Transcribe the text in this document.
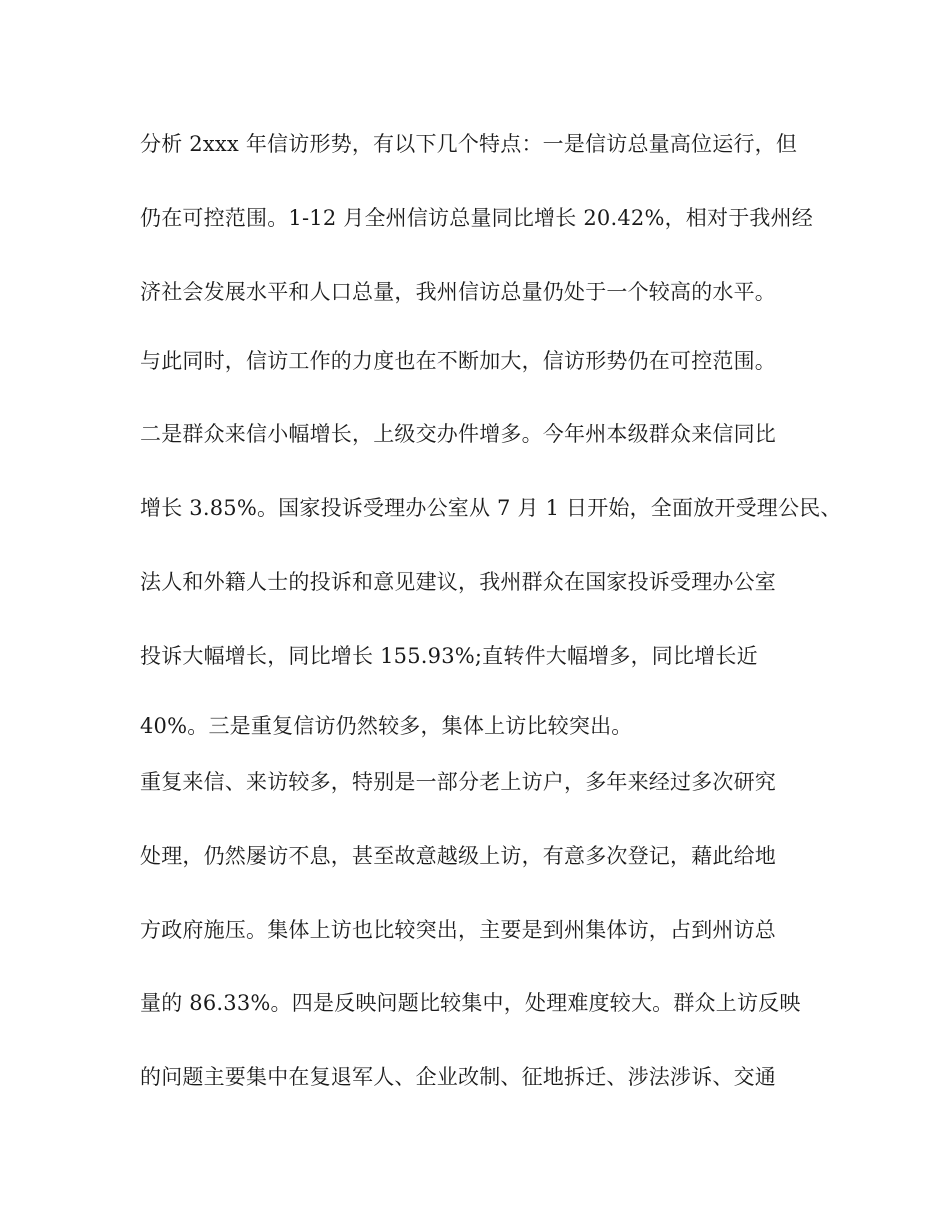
分析 2xxx 年信访形势，有以下几个特点：一是信访总量高位运行，但
仍在可控范围。1-12 月全州信访总量同比增长 20.42%，相对于我州经
济社会发展水平和人口总量，我州信访总量仍处于一个较高的水平。
与此同时，信访工作的力度也在不断加大，信访形势仍在可控范围。
二是群众来信小幅增长，上级交办件增多。今年州本级群众来信同比
增长 3.85%。国家投诉受理办公室从 7 月 1 日开始，全面放开受理公民、
法人和外籍人士的投诉和意见建议，我州群众在国家投诉受理办公室
投诉大幅增长，同比增长 155.93%;直转件大幅增多，同比增长近
40%。三是重复信访仍然较多，集体上访比较突出。
重复来信、来访较多，特别是一部分老上访户，多年来经过多次研究
处理，仍然屡访不息，甚至故意越级上访，有意多次登记，藉此给地
方政府施压。集体上访也比较突出，主要是到州集体访，占到州访总
量的 86.33%。四是反映问题比较集中，处理难度较大。群众上访反映
的问题主要集中在复退军人、企业改制、征地拆迁、涉法涉诉、交通
